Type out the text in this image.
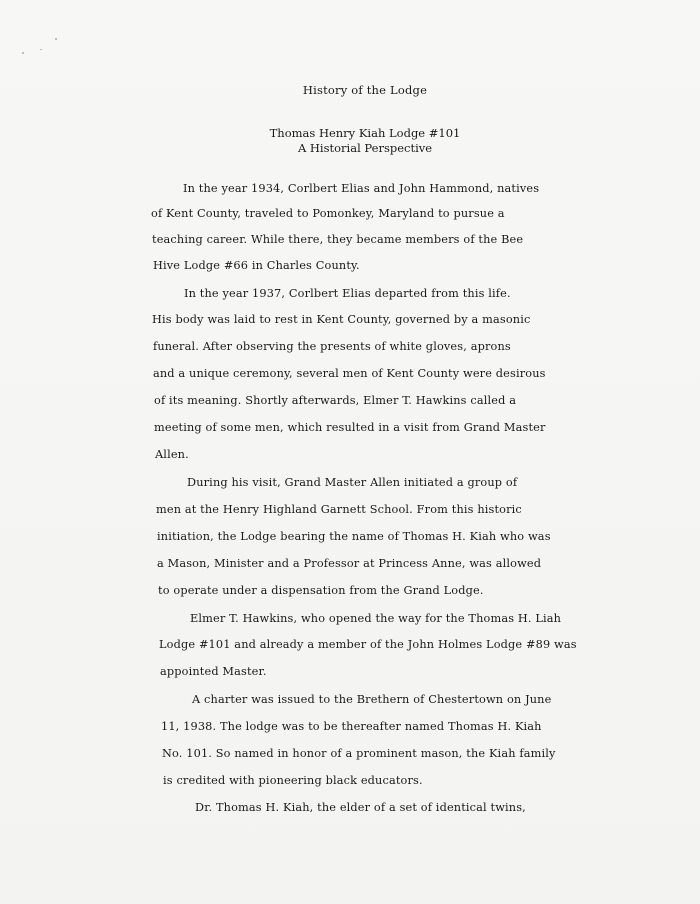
History of the Lodge
Thomas Henry Kiah Lodge #101
A Historial Perspective
In the year 1934, Corlbert Elias and John Hammond, natives
of Kent County, traveled to Pomonkey, Maryland to pursue a
teaching career. While there, they became members of the Bee
Hive Lodge #66 in Charles County.
In the year 1937, Corlbert Elias departed from this life.
His body was laid to rest in Kent County, governed by a masonic
funeral. After observing the presents of white gloves, aprons
and a unique ceremony, several men of Kent County were desirous
of its meaning. Shortly afterwards, Elmer T. Hawkins called a
meeting of some men, which resulted in a visit from Grand Master
Allen.
During his visit, Grand Master Allen initiated a group of
men at the Henry Highland Garnett School. From this historic
initiation, the Lodge bearing the name of Thomas H. Kiah who was
a Mason, Minister and a Professor at Princess Anne, was allowed
to operate under a dispensation from the Grand Lodge.
Elmer T. Hawkins, who opened the way for the Thomas H. Liah
Lodge #101 and already a member of the John Holmes Lodge #89 was
appointed Master.
A charter was issued to the Brethern of Chestertown on June
11, 1938. The lodge was to be thereafter named Thomas H. Kiah
No. 101. So named in honor of a prominent mason, the Kiah family
is credited with pioneering black educators.
Dr. Thomas H. Kiah, the elder of a set of identical twins,
